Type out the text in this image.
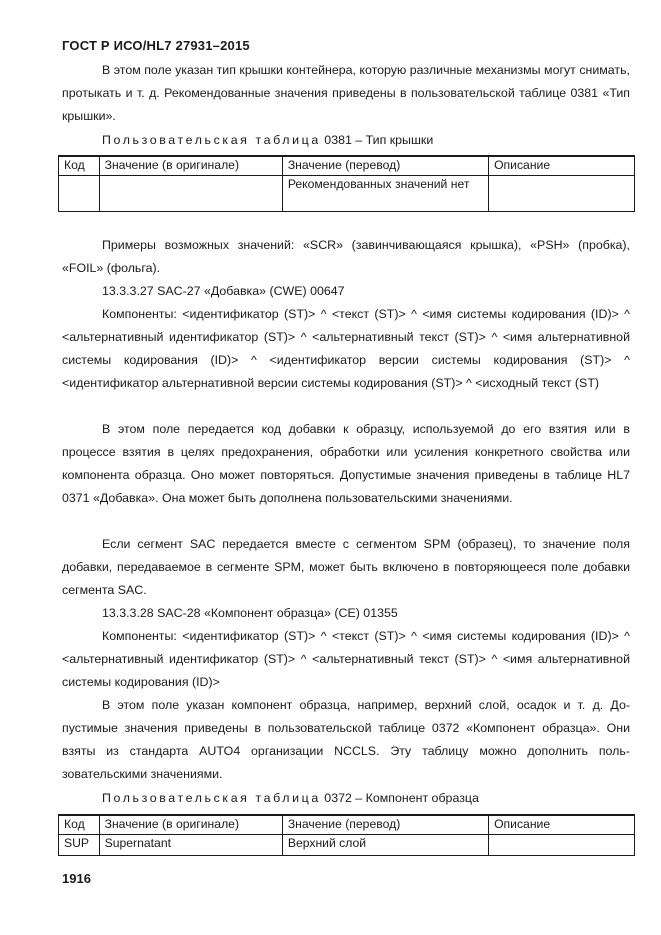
ГОСТ Р ИСО/HL7 27931–2015
В этом поле указан тип крышки контейнера, которую различные механизмы могут снимать, протыкать и т. д. Рекомендованные значения приведены в пользовательской таблице 0381 «Тип крышки».
Пользовательская таблица 0381 – Тип крышки
Код	Значение (в оригинале)	Значение (перевод)	Описание
		Рекомендованных значений нет	
Примеры возможных значений: «SCR» (завинчивающаяся крышка), «PSH» (пробка), «FOIL» (фольга).
13.3.3.27 SAC-27 «Добавка» (CWE) 00647
Компоненты: <идентификатор (ST)> ^ <текст (ST)> ^ <имя системы кодирования (ID)> ^ <альтернативный идентификатор (ST)> ^ <альтернативный текст (ST)> ^ <имя альтернативной системы кодирования (ID)> ^ <идентификатор версии системы кодирования (ST)> ^ <идентификатор альтернативной версии системы кодирования (ST)> ^ <исходный текст (ST)
В этом поле передается код добавки к образцу, используемой до его взятия или в процессе взятия в целях предохранения, обработки или усиления конкретного свойства или компонента образца. Оно может повторяться. Допустимые значения приведены в таблице HL7 0371 «Добавка». Она может быть дополнена пользовательскими значениями.
Если сегмент SAC передается вместе с сегментом SPM (образец), то значение поля добавки, передаваемое в сегменте SPM, может быть включено в повторяющееся поле добавки сегмента SAC.
13.3.3.28 SAC-28 «Компонент образца» (CE) 01355
Компоненты: <идентификатор (ST)> ^ <текст (ST)> ^ <имя системы кодирования (ID)> ^ <альтернативный идентификатор (ST)> ^ <альтернативный текст (ST)> ^ <имя альтернативной системы кодирования (ID)>
В этом поле указан компонент образца, например, верхний слой, осадок и т. д. Допустимые значения приведены в пользовательской таблице 0372 «Компонент образца». Они взяты из стандарта AUTO4 организации NCCLS. Эту таблицу можно дополнить пользовательскими значениями.
Пользовательская таблица 0372 – Компонент образца
Код	Значение (в оригинале)	Значение (перевод)	Описание
SUP	Supernatant	Верхний слой	
1916
